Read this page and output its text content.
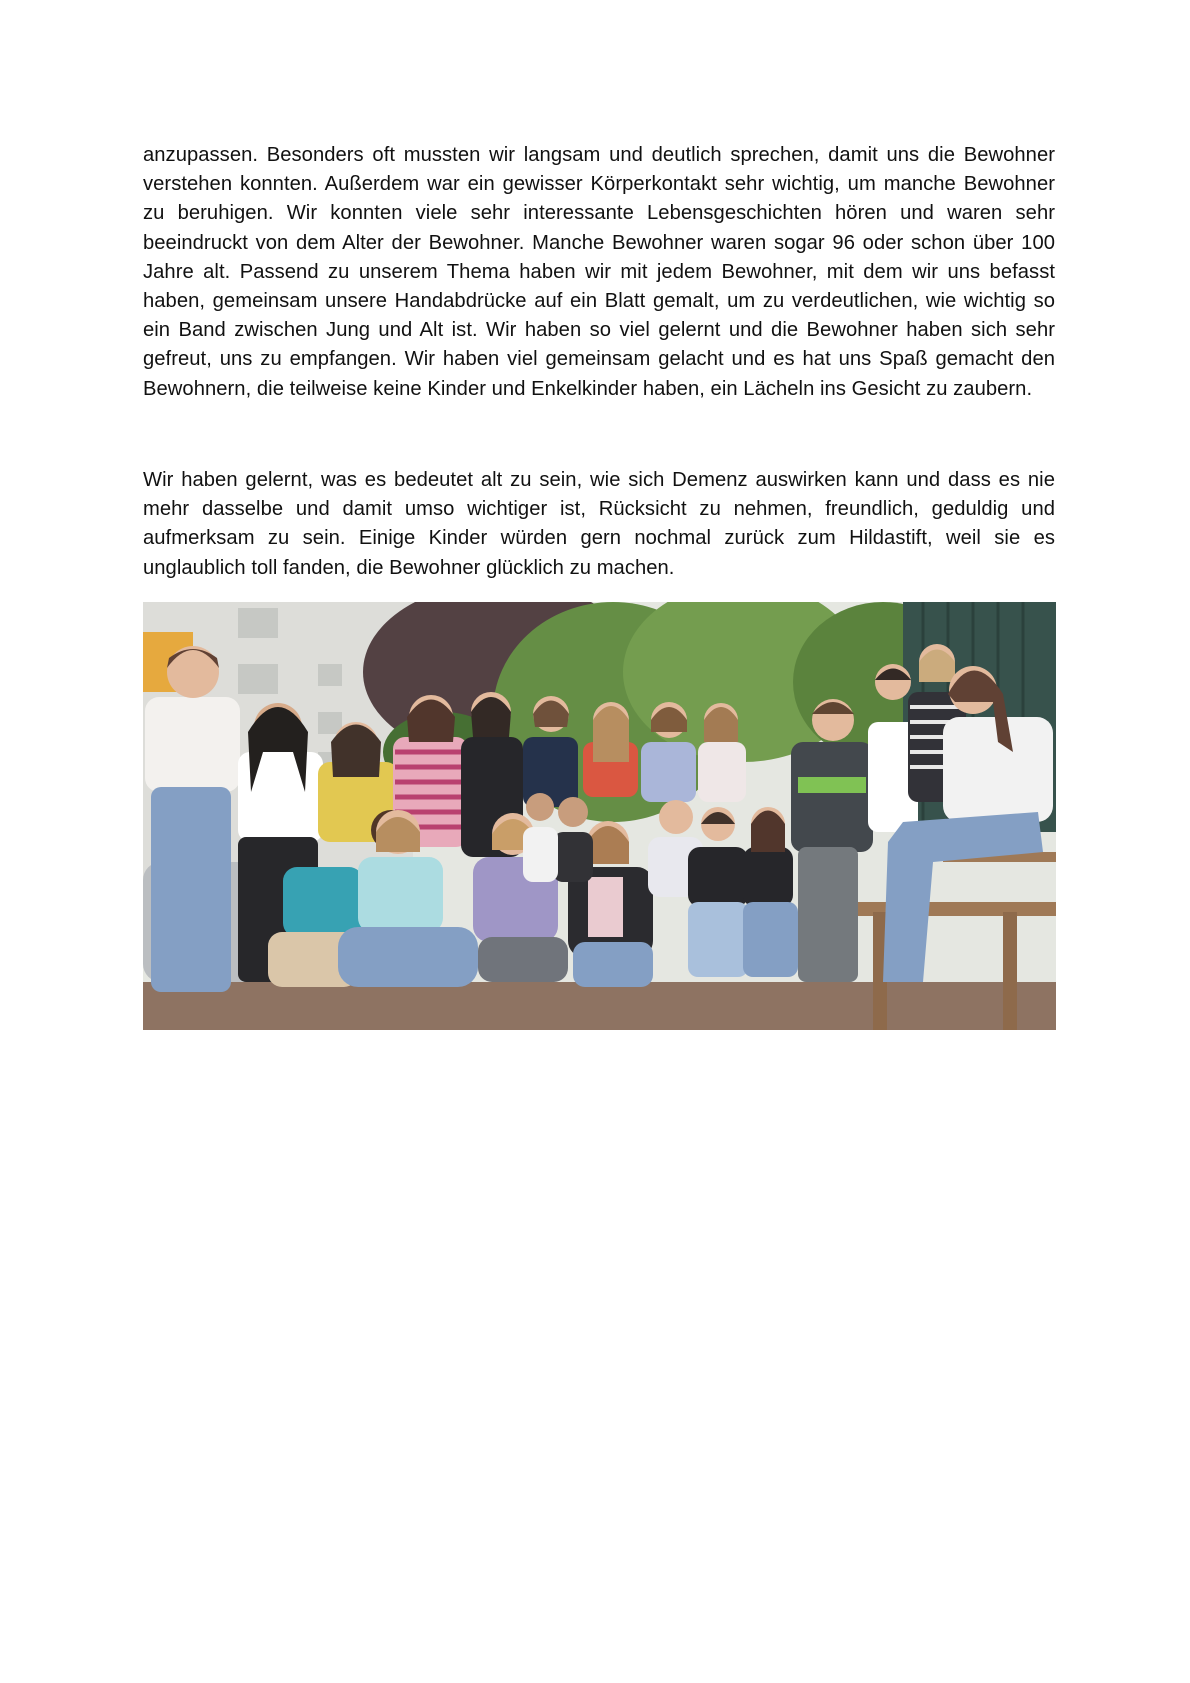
anzupassen. Besonders oft mussten wir langsam und deutlich sprechen, damit uns die Bewohner verstehen konnten. Außerdem war ein gewisser Körperkontakt sehr wichtig, um manche Bewohner zu beruhigen. Wir konnten viele sehr interessante Lebensgeschichten hören und waren sehr beeindruckt von dem Alter der Bewohner. Manche Bewohner waren sogar 96 oder schon über 100 Jahre alt. Passend zu unserem Thema haben wir mit jedem Bewohner, mit dem wir uns befasst haben, gemeinsam unsere Handabdrücke auf ein Blatt gemalt, um zu verdeutlichen, wie wichtig so ein Band zwischen Jung und Alt ist. Wir haben so viel gelernt und die Bewohner haben sich sehr gefreut, uns zu empfangen. Wir haben viel gemeinsam gelacht und es hat uns Spaß gemacht den Bewohnern, die teilweise keine Kinder und Enkelkinder haben, ein Lächeln ins Gesicht zu zaubern.

Wir haben gelernt, was es bedeutet alt zu sein, wie sich Demenz auswirken kann und dass es nie mehr dasselbe und damit umso wichtiger ist, Rücksicht zu nehmen, freundlich, geduldig und aufmerksam zu sein. Einige Kinder würden gern nochmal zurück zum Hildastift, weil sie es unglaublich toll fanden, die Bewohner glücklich zu machen.
